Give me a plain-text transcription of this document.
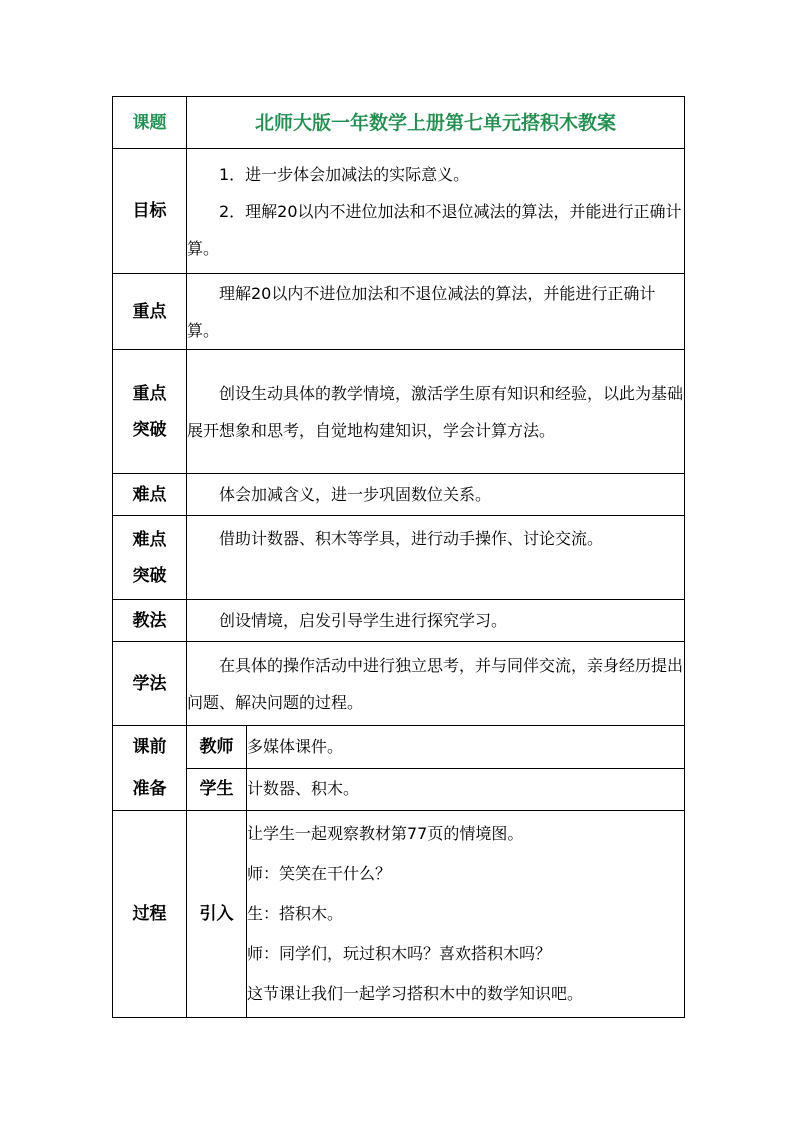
课题	北师大版一年数学上册第七单元搭积木教案	
目标	1．进一步体会加减法的实际意义。

2．理解20以内不进位加法和不退位减法的算法，并能进行正确计算。	

重点	理解20以内不进位加法和不退位减法的算法，并能进行正确计算。	

重点
突破	创设生动具体的教学情境，激活学生原有知识和经验，以此为基础展开想象和思考，自觉地构建知识，学会计算方法。	

难点	体会加减含义，进一步巩固数位关系。	

难点
突破	借助计数器、积木等学具，进行动手操作、讨论交流。	

教法	创设情境，启发引导学生进行探究学习。	

学法	在具体的操作活动中进行独立思考，并与同伴交流，亲身经历提出问题、解决问题的过程。	

课前
准备	教师	多媒体课件。
	学生	计数器、积木。
过程	引入	让学生一起观察教材第77页的情境图。

师：笑笑在干什么？

生：搭积木。

师：同学们，玩过积木吗？喜欢搭积木吗？

这节课让我们一起学习搭积木中的数学知识吧。
